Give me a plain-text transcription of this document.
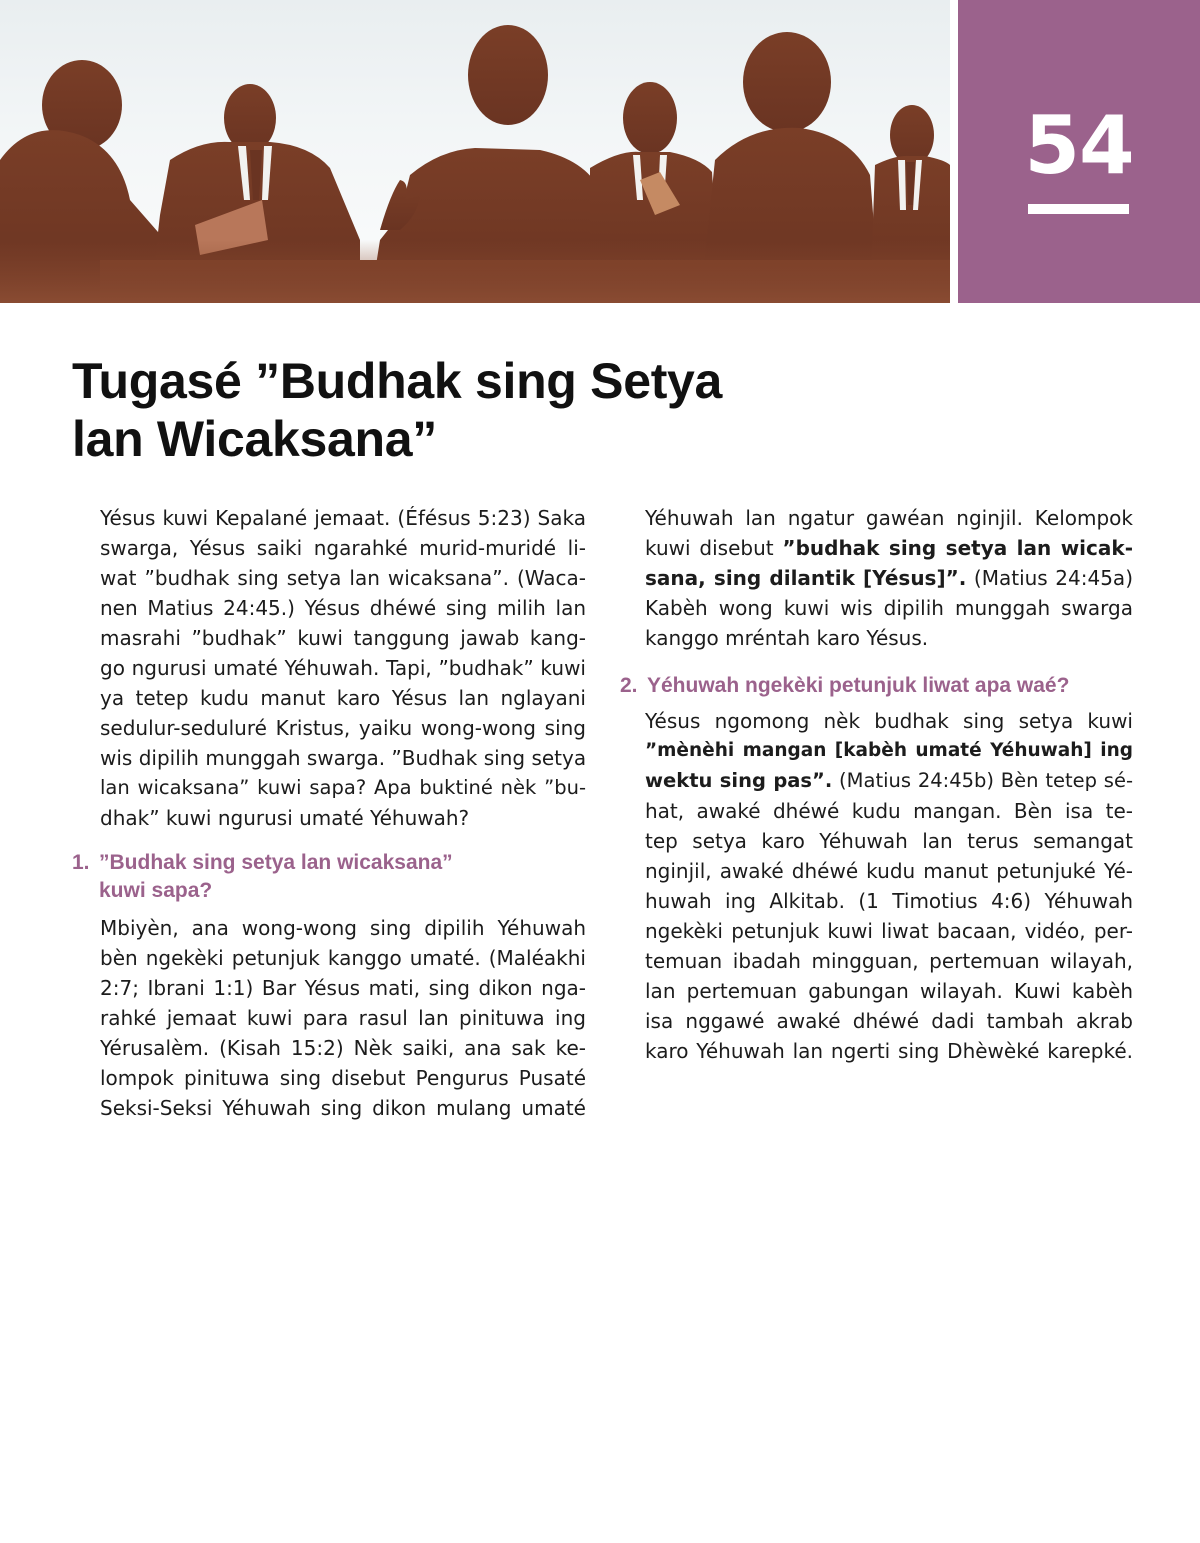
54
Tugasé ”Budhak sing Setya
lan Wicaksana”
Yésus kuwi Kepalané jemaat. (Éfésus 5:23) Saka
swarga, Yésus saiki ngarahké murid-muridé li-
wat ”budhak sing setya lan wicaksana”. (Waca-
nen Matius 24:45.) Yésus dhéwé sing milih lan
masrahi ”budhak” kuwi tanggung jawab kang-
go ngurusi umaté Yéhuwah. Tapi, ”budhak” kuwi
ya tetep kudu manut karo Yésus lan nglayani
sedulur-seduluré Kristus, yaiku wong-wong sing
wis dipilih munggah swarga. ”Budhak sing setya
lan wicaksana” kuwi sapa? Apa buktiné nèk ”bu-
dhak” kuwi ngurusi umaté Yéhuwah?
1. ”Budhak sing setya lan wicaksana”
kuwi sapa?
Mbiyèn, ana wong-wong sing dipilih Yéhuwah
bèn ngekèki petunjuk kanggo umaté. (Maléakhi
2:7; Ibrani 1:1) Bar Yésus mati, sing dikon nga-
rahké jemaat kuwi para rasul lan pinituwa ing
Yérusalèm. (Kisah 15:2) Nèk saiki, ana sak ke-
lompok pinituwa sing disebut Pengurus Pusaté
Seksi-Seksi Yéhuwah sing dikon mulang umaté
Yéhuwah lan ngatur gawéan nginjil. Kelompok
kuwi disebut ”budhak sing setya lan wicak-
sana, sing dilantik [Yésus]”. (Matius 24:45a)
Kabèh wong kuwi wis dipilih munggah swarga
kanggo mréntah karo Yésus.
2. Yéhuwah ngekèki petunjuk liwat apa waé?
Yésus ngomong nèk budhak sing setya kuwi
”mènèhi mangan [kabèh umaté Yéhuwah] ing
wektu sing pas”. (Matius 24:45b) Bèn tetep sé-
hat, awaké dhéwé kudu mangan. Bèn isa te-
tep setya karo Yéhuwah lan terus semangat
nginjil, awaké dhéwé kudu manut petunjuké Yé-
huwah ing Alkitab. (1 Timotius 4:6) Yéhuwah
ngekèki petunjuk kuwi liwat bacaan, vidéo, per-
temuan ibadah mingguan, pertemuan wilayah,
lan pertemuan gabungan wilayah. Kuwi kabèh
isa nggawé awaké dhéwé dadi tambah akrab
karo Yéhuwah lan ngerti sing Dhèwèké karepké.
